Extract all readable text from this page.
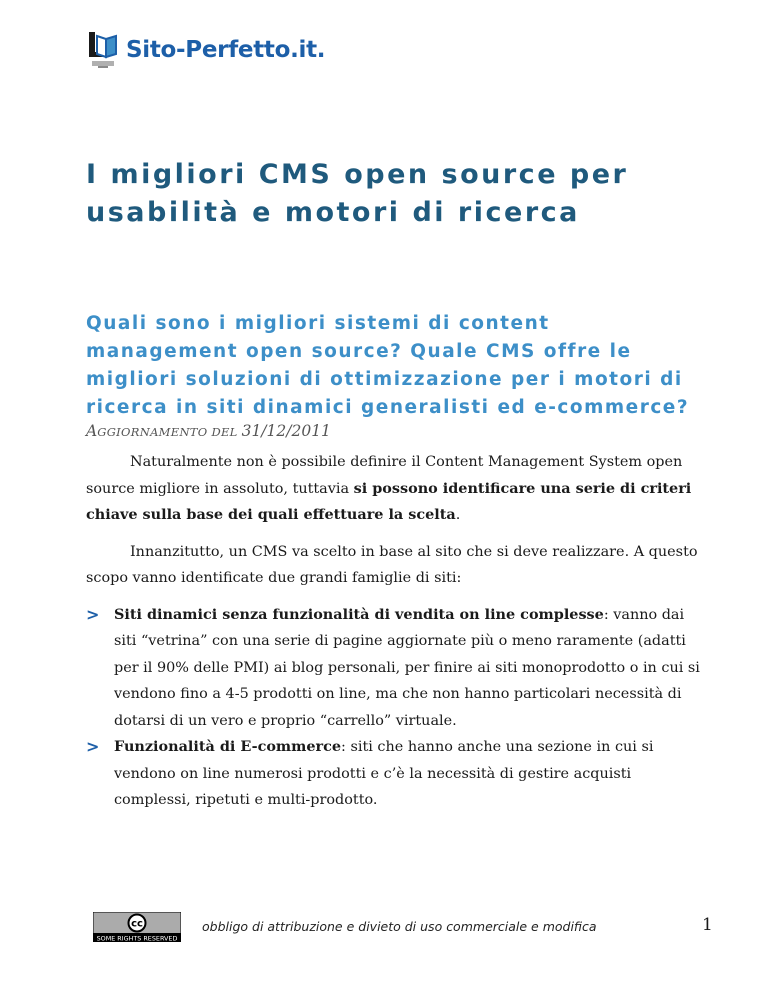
Sito-Perfetto.it.
I migliori CMS open source per usabilità e motori di ricerca
Quali sono i migliori sistemi di content management open source? Quale CMS offre le migliori soluzioni di ottimizzazione per i motori di ricerca in siti dinamici generalisti ed e-commerce?
AGGIORNAMENTO DEL 31/12/2011

Naturalmente non è possibile definire il Content Management System open source migliore in assoluto, tuttavia si possono identificare una serie di criteri chiave sulla base dei quali effettuare la scelta.

Innanzitutto, un CMS va scelto in base al sito che si deve realizzare. A questo scopo vanno identificate due grandi famiglie di siti:

> Siti dinamici senza funzionalità di vendita on line complesse: vanno dai siti “vetrina” con una serie di pagine aggiornate più o meno raramente (adatti per il 90% delle PMI) ai blog personali, per finire ai siti monoprodotto o in cui si vendono fino a 4-5 prodotti on line, ma che non hanno particolari necessità di dotarsi di un vero e proprio “carrello” virtuale.
> Funzionalità di E-commerce: siti che hanno anche una sezione in cui si vendono on line numerosi prodotti e c’è la necessità di gestire acquisti complessi, ripetuti e multi-prodotto.
cc
SOME RIGHTS RESERVED
obbligo di attribuzione e divieto di uso commerciale e modifica	1
